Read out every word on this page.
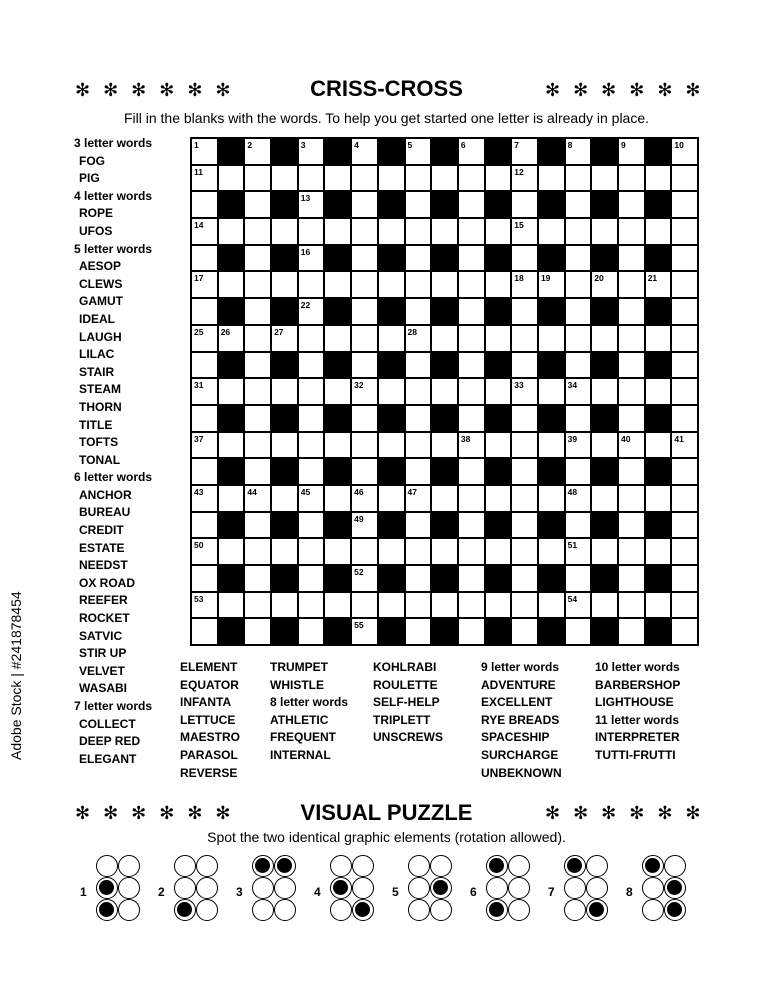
✻ ✻ ✻ ✻ ✻ ✻	CRISS-CROSS	✻ ✻ ✻ ✻ ✻ ✻
Fill in the blanks with the words. To help you get started one letter is already in place.
3 letter words
FOG
PIG
4 letter words
ROPE
UFOS
5 letter words
AESOP
CLEWS
GAMUT
IDEAL
LAUGH
LILAC
STAIR
STEAM
THORN
TITLE
TOFTS
TONAL
6 letter words
ANCHOR
BUREAU
CREDIT
ESTATE
NEEDST
OX ROAD
REEFER
ROCKET
SATVIC
STIR UP
VELVET
WASABI
7 letter words
COLLECT
DEEP RED
ELEGANT
1	2	3	4	5	6	7	8	9	10
11	12
13
14	15
16
17	18 19	20	21
22
25 26	27	28
31	32	33	34
G
37	38	39	40	41
43	44	45	46	47	48
49
50	51
52
53	54
55
ELEMENT
EQUATOR
INFANTA
LETTUCE
MAESTRO
PARASOL
REVERSE
TRUMPET
WHISTLE
8 letter words
ATHLETIC
FREQUENT
INTERNAL
KOHLRABI
ROULETTE
SELF-HELP
TRIPLETT
UNSCREWS
9 letter words
ADVENTURE
EXCELLENT
RYE BREADS
SPACESHIP
SURCHARGE
UNBEKNOWN
10 letter words
BARBERSHOP
LIGHTHOUSE
11 letter words
INTERPRETER
TUTTI-FRUTTI
✻ ✻ ✻ ✻ ✻ ✻	VISUAL PUZZLE	✻ ✻ ✻ ✻ ✻ ✻
Spot the two identical graphic elements (rotation allowed).
1	2	3	4	5	6	7	8
Adobe Stock | #241878454
